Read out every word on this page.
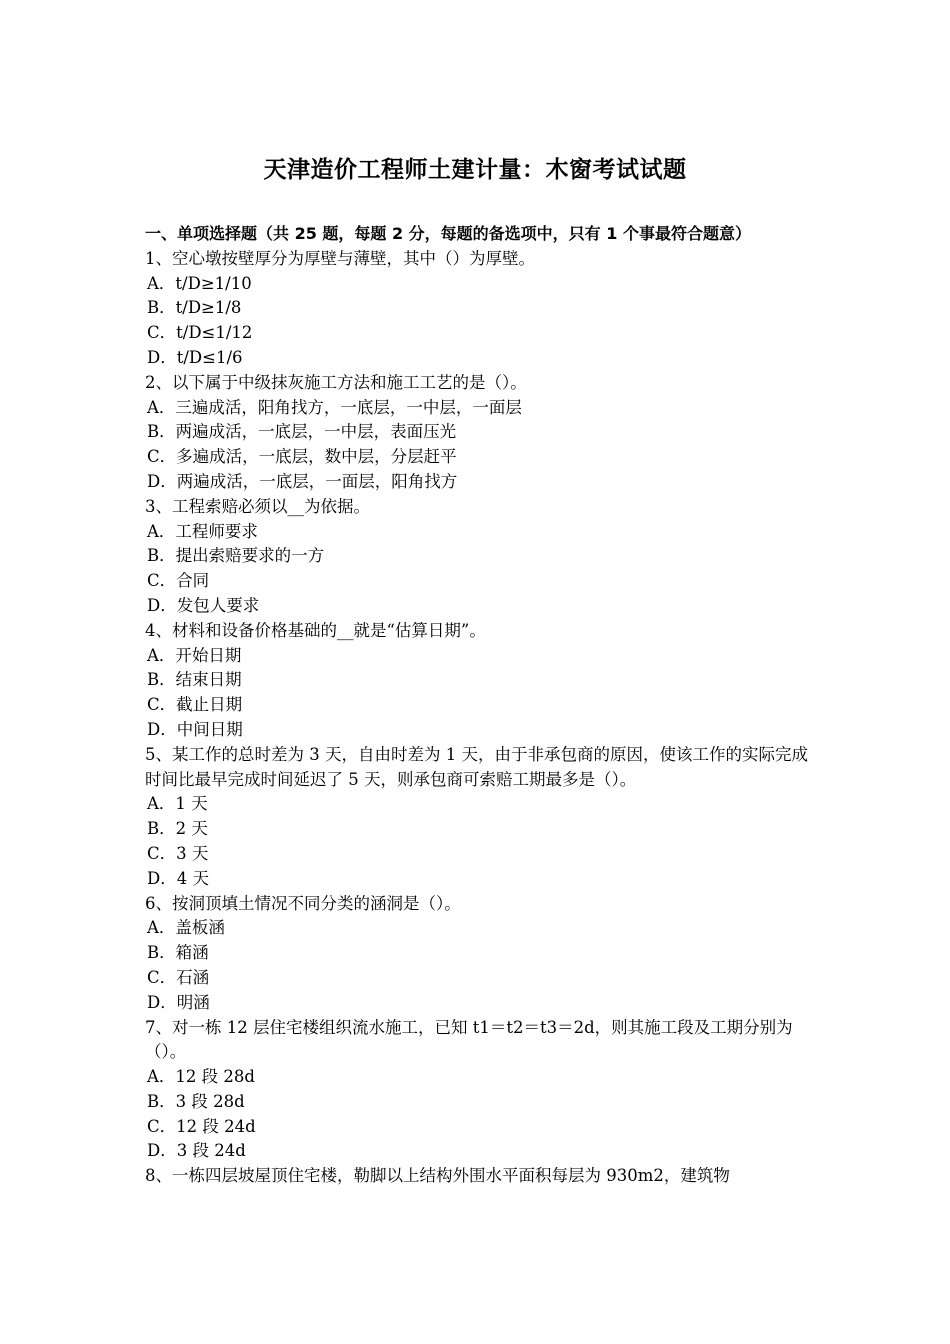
天津造价工程师土建计量：木窗考试试题
一、单项选择题（共 25 题，每题 2 分，每题的备选项中，只有 1 个事最符合题意）
1、空心墩按壁厚分为厚壁与薄壁，其中（）为厚壁。
A．t/D≥1/10
B．t/D≥1/8
C．t/D≤1/12
D．t/D≤1/6
2、以下属于中级抹灰施工方法和施工工艺的是（）。
A．三遍成活，阳角找方，一底层，一中层，一面层
B．两遍成活，一底层，一中层，表面压光
C．多遍成活，一底层，数中层，分层赶平
D．两遍成活，一底层，一面层，阳角找方
3、工程索赔必须以__为依据。
A．工程师要求
B．提出索赔要求的一方
C．合同
D．发包人要求
4、材料和设备价格基础的__就是“估算日期”。
A．开始日期
B．结束日期
C．截止日期
D．中间日期
5、某工作的总时差为 3 天，自由时差为 1 天，由于非承包商的原因，使该工作的实际完成时间比最早完成时间延迟了 5 天，则承包商可索赔工期最多是（）。
A．1 天
B．2 天
C．3 天
D．4 天
6、按洞顶填土情况不同分类的涵洞是（）。
A．盖板涵
B．箱涵
C．石涵
D．明涵
7、对一栋 12 层住宅楼组织流水施工，已知 t1＝t2＝t3＝2d，则其施工段及工期分别为（）。
A．12 段 28d
B．3 段 28d
C．12 段 24d
D．3 段 24d
8、一栋四层坡屋顶住宅楼，勒脚以上结构外围水平面积每层为 930m2，建筑物
